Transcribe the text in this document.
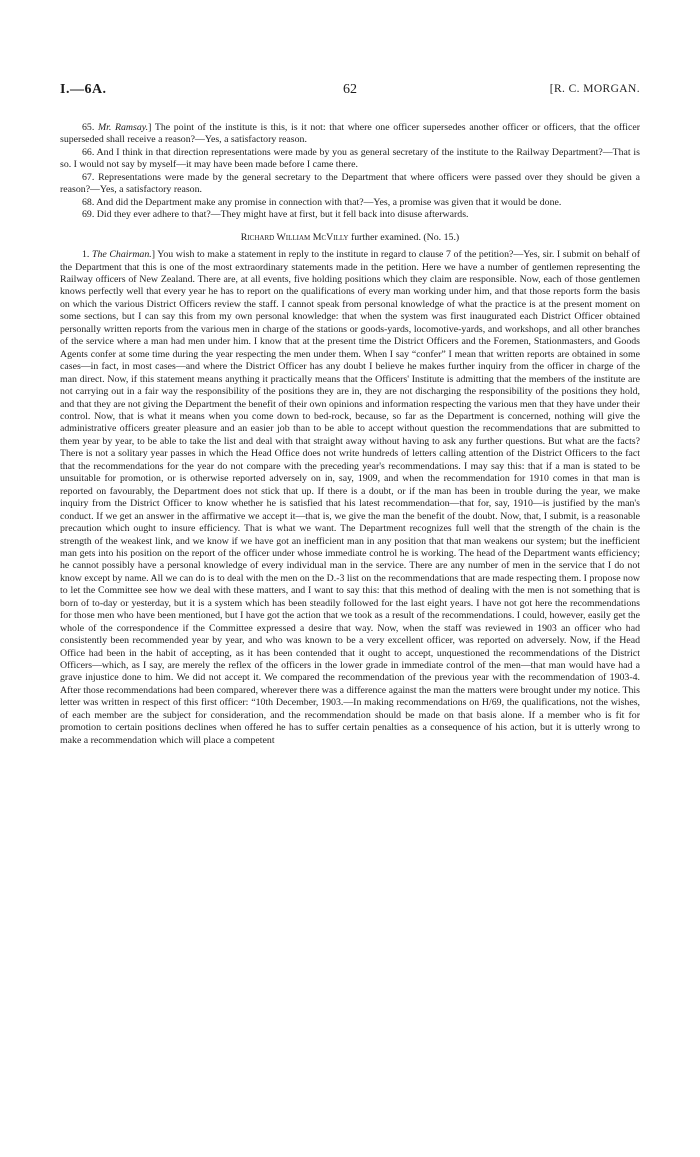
I.—6A.	62	[R. C. MORGAN.

65. Mr. Ramsay.] The point of the institute is this, is it not: that where one officer supersedes another officer or officers, that the officer superseded shall receive a reason?—Yes, a satisfactory reason.

66. And I think in that direction representations were made by you as general secretary of the institute to the Railway Department?—That is so. I would not say by myself—it may have been made before I came there.

67. Representations were made by the general secretary to the Department that where officers were passed over they should be given a reason?—Yes, a satisfactory reason.

68. And did the Department make any promise in connection with that?—Yes, a promise was given that it would be done.

69. Did they ever adhere to that?—They might have at first, but it fell back into disuse afterwards.

Richard William McVilly further examined. (No. 15.)

1. The Chairman.] You wish to make a statement in reply to the institute in regard to clause 7 of the petition?—Yes, sir. I submit on behalf of the Department that this is one of the most extraordinary statements made in the petition. Here we have a number of gentlemen representing the Railway officers of New Zealand. There are, at all events, five holding positions which they claim are responsible. Now, each of those gentlemen knows perfectly well that every year he has to report on the qualifications of every man working under him, and that those reports form the basis on which the various District Officers review the staff. I cannot speak from personal knowledge of what the practice is at the present moment on some sections, but I can say this from my own personal knowledge: that when the system was first inaugurated each District Officer obtained personally written reports from the various men in charge of the stations or goods-yards, locomotive-yards, and workshops, and all other branches of the service where a man had men under him. I know that at the present time the District Officers and the Foremen, Stationmasters, and Goods Agents confer at some time during the year respecting the men under them. When I say “confer” I mean that written reports are obtained in some cases—in fact, in most cases—and where the District Officer has any doubt I believe he makes further inquiry from the officer in charge of the man direct. Now, if this statement means anything it practically means that the Officers' Institute is admitting that the members of the institute are not carrying out in a fair way the responsibility of the positions they are in, they are not discharging the responsibility of the positions they hold, and that they are not giving the Department the benefit of their own opinions and information respecting the various men that they have under their control. Now, that is what it means when you come down to bed-rock, because, so far as the Department is concerned, nothing will give the administrative officers greater pleasure and an easier job than to be able to accept without question the recommendations that are submitted to them year by year, to be able to take the list and deal with that straight away without having to ask any further questions. But what are the facts? There is not a solitary year passes in which the Head Office does not write hundreds of letters calling attention of the District Officers to the fact that the recommendations for the year do not compare with the preceding year's recommendations. I may say this: that if a man is stated to be unsuitable for promotion, or is otherwise reported adversely on in, say, 1909, and when the recommendation for 1910 comes in that man is reported on favourably, the Department does not stick that up. If there is a doubt, or if the man has been in trouble during the year, we make inquiry from the District Officer to know whether he is satisfied that his latest recommendation—that for, say, 1910—is justified by the man's conduct. If we get an answer in the affirmative we accept it—that is, we give the man the benefit of the doubt. Now, that, I submit, is a reasonable precaution which ought to insure efficiency. That is what we want. The Department recognizes full well that the strength of the chain is the strength of the weakest link, and we know if we have got an inefficient man in any position that that man weakens our system; but the inefficient man gets into his position on the report of the officer under whose immediate control he is working. The head of the Department wants efficiency; he cannot possibly have a personal knowledge of every individual man in the service. There are any number of men in the service that I do not know except by name. All we can do is to deal with the men on the D.-3 list on the recommendations that are made respecting them. I propose now to let the Committee see how we deal with these matters, and I want to say this: that this method of dealing with the men is not something that is born of to-day or yesterday, but it is a system which has been steadily followed for the last eight years. I have not got here the recommendations for those men who have been mentioned, but I have got the action that we took as a result of the recommendations. I could, however, easily get the whole of the correspondence if the Committee expressed a desire that way. Now, when the staff was reviewed in 1903 an officer who had consistently been recommended year by year, and who was known to be a very excellent officer, was reported on adversely. Now, if the Head Office had been in the habit of accepting, as it has been contended that it ought to accept, unquestioned the recommendations of the District Officers—which, as I say, are merely the reflex of the officers in the lower grade in immediate control of the men—that man would have had a grave injustice done to him. We did not accept it. We compared the recommendation of the previous year with the recommendation of 1903-4. After those recommendations had been compared, wherever there was a difference against the man the matters were brought under my notice. This letter was written in respect of this first officer: “10th December, 1903.—In making recommendations on H/69, the qualifications, not the wishes, of each member are the subject for consideration, and the recommendation should be made on that basis alone. If a member who is fit for promotion to certain positions declines when offered he has to suffer certain penalties as a consequence of his action, but it is utterly wrong to make a recommendation which will place a competent
